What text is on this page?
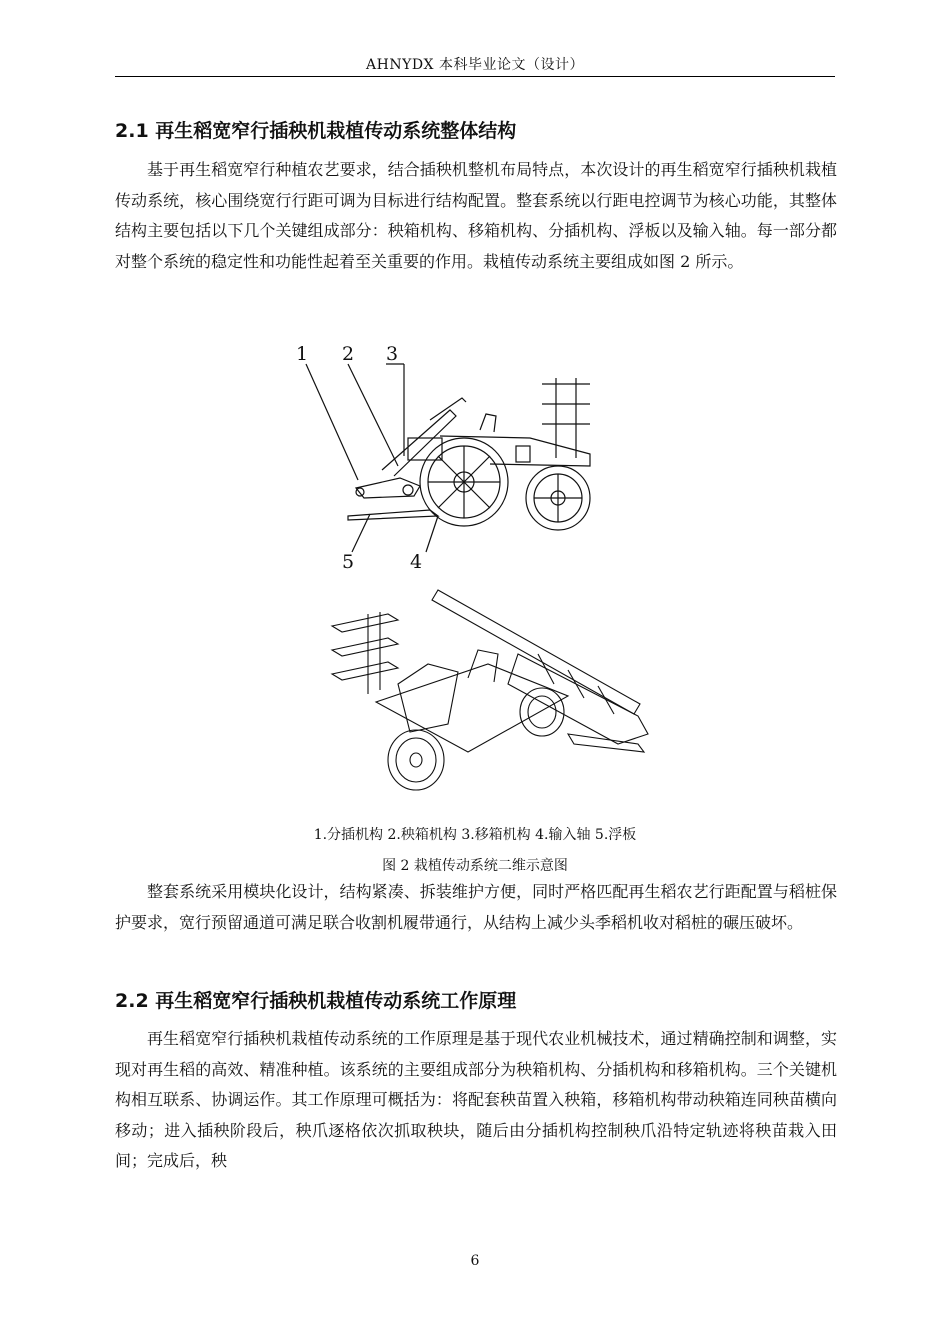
AHNYDX 本科毕业论文（设计）
2.1 再生稻宽窄行插秧机栽植传动系统整体结构

基于再生稻宽窄行种植农艺要求，结合插秧机整机布局特点，本次设计的再生稻宽窄行插秧机栽植传动系统，核心围绕宽行行距可调为目标进行结构配置。整套系统以行距电控调节为核心功能，其整体结构主要包括以下几个关键组成部分：秧箱机构、移箱机构、分插机构、浮板以及输入轴。每一部分都对整个系统的稳定性和功能性起着至关重要的作用。栽植传动系统主要组成如图 2 所示。

1 2 3
5	4
1.分插机构 2.秧箱机构 3.移箱机构 4.输入轴 5.浮板
图 2 栽植传动系统二维示意图

整套系统采用模块化设计，结构紧凑、拆装维护方便，同时严格匹配再生稻农艺行距配置与稻桩保护要求，宽行预留通道可满足联合收割机履带通行，从结构上减少头季稻机收对稻桩的碾压破坏。

2.2 再生稻宽窄行插秧机栽植传动系统工作原理

再生稻宽窄行插秧机栽植传动系统的工作原理是基于现代农业机械技术，通过精确控制和调整，实现对再生稻的高效、精准种植。该系统的主要组成部分为秧箱机构、分插机构和移箱机构。三个关键机构相互联系、协调运作。其工作原理可概括为：将配套秧苗置入秧箱，移箱机构带动秧箱连同秧苗横向移动；进入插秧阶段后，秧爪逐格依次抓取秧块，随后由分插机构控制秧爪沿特定轨迹将秧苗栽入田间；完成后，秧

6
